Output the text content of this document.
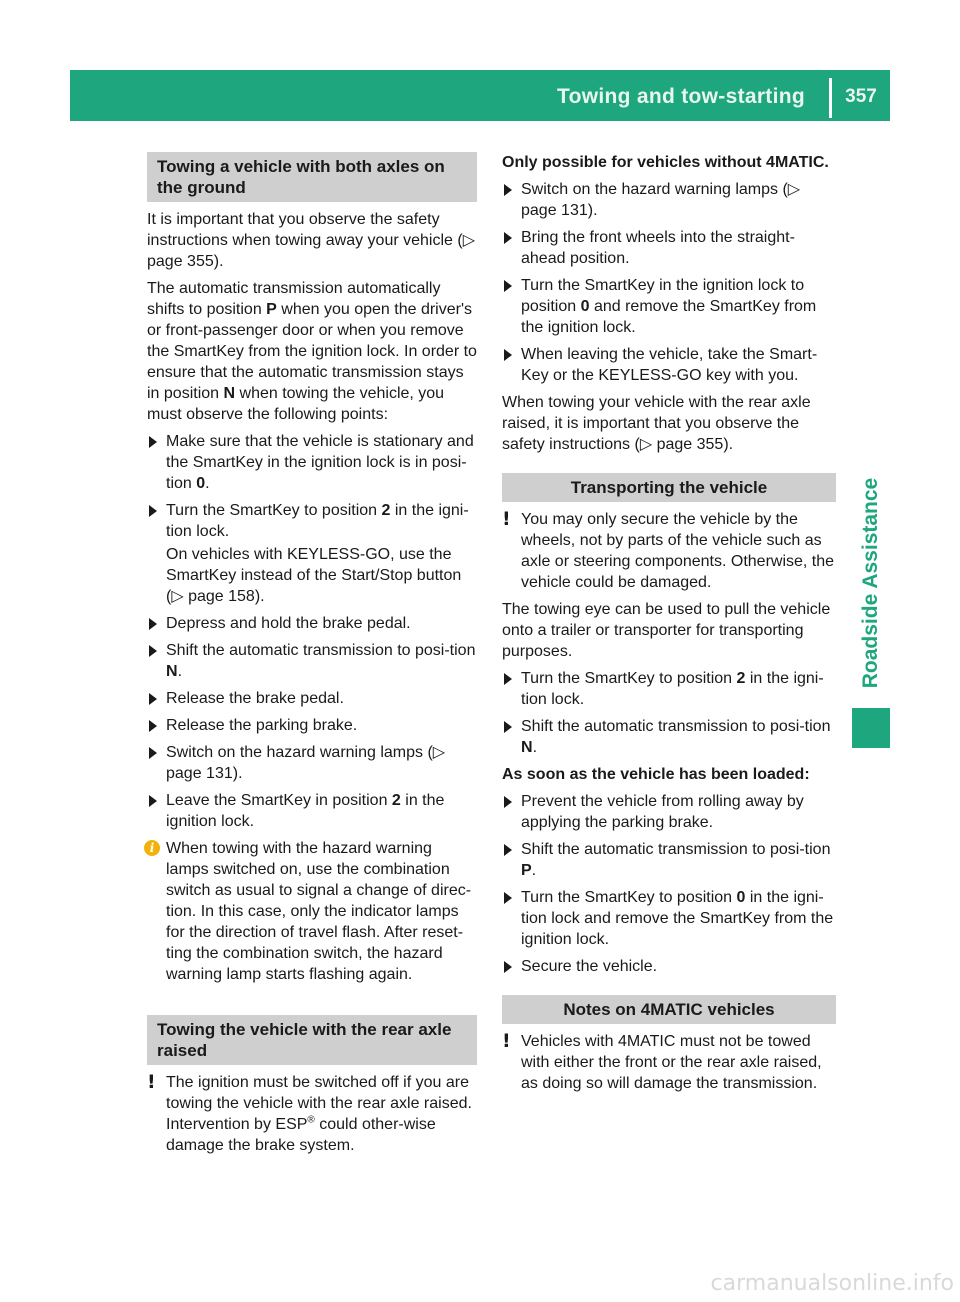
Towing and tow-starting	357
Roadside Assistance
Towing a vehicle with both axles on the ground

It is important that you observe the safety instructions when towing away your vehicle (▷ page 355).

The automatic transmission automatically shifts to position P when you open the driver's or front-passenger door or when you remove the SmartKey from the ignition lock. In order to ensure that the automatic transmission stays in position N when towing the vehicle, you must observe the following points:

Make sure that the vehicle is stationary and the SmartKey in the ignition lock is in posi-tion 0.
Turn the SmartKey to position 2 in the igni-tion lock.
On vehicles with KEYLESS-GO, use the SmartKey instead of the Start/Stop button (▷ page 158).
Depress and hold the brake pedal.
Shift the automatic transmission to posi-tion N.
Release the brake pedal.
Release the parking brake.
Switch on the hazard warning lamps (▷ page 131).
Leave the SmartKey in position 2 in the ignition lock.
i When towing with the hazard warning lamps switched on, use the combination switch as usual to signal a change of direc-tion. In this case, only the indicator lamps for the direction of travel flash. After reset-ting the combination switch, the hazard warning lamp starts flashing again.
Towing the vehicle with the rear axle raised
! The ignition must be switched off if you are towing the vehicle with the rear axle raised. Intervention by ESP® could other-wise damage the brake system.
Only possible for vehicles without 4MATIC.
Switch on the hazard warning lamps (▷ page 131).
Bring the front wheels into the straight-ahead position.
Turn the SmartKey in the ignition lock to position 0 and remove the SmartKey from the ignition lock.
When leaving the vehicle, take the Smart-Key or the KEYLESS-GO key with you.

When towing your vehicle with the rear axle raised, it is important that you observe the safety instructions (▷ page 355).

Transporting the vehicle
! You may only secure the vehicle by the wheels, not by parts of the vehicle such as axle or steering components. Otherwise, the vehicle could be damaged.

The towing eye can be used to pull the vehicle onto a trailer or transporter for transporting purposes.

Turn the SmartKey to position 2 in the igni-tion lock.
Shift the automatic transmission to posi-tion N.
As soon as the vehicle has been loaded:
Prevent the vehicle from rolling away by applying the parking brake.
Shift the automatic transmission to posi-tion P.
Turn the SmartKey to position 0 in the igni-tion lock and remove the SmartKey from the ignition lock.
Secure the vehicle.
Notes on 4MATIC vehicles
! Vehicles with 4MATIC must not be towed with either the front or the rear axle raised, as doing so will damage the transmission.
carmanualsonline.info
